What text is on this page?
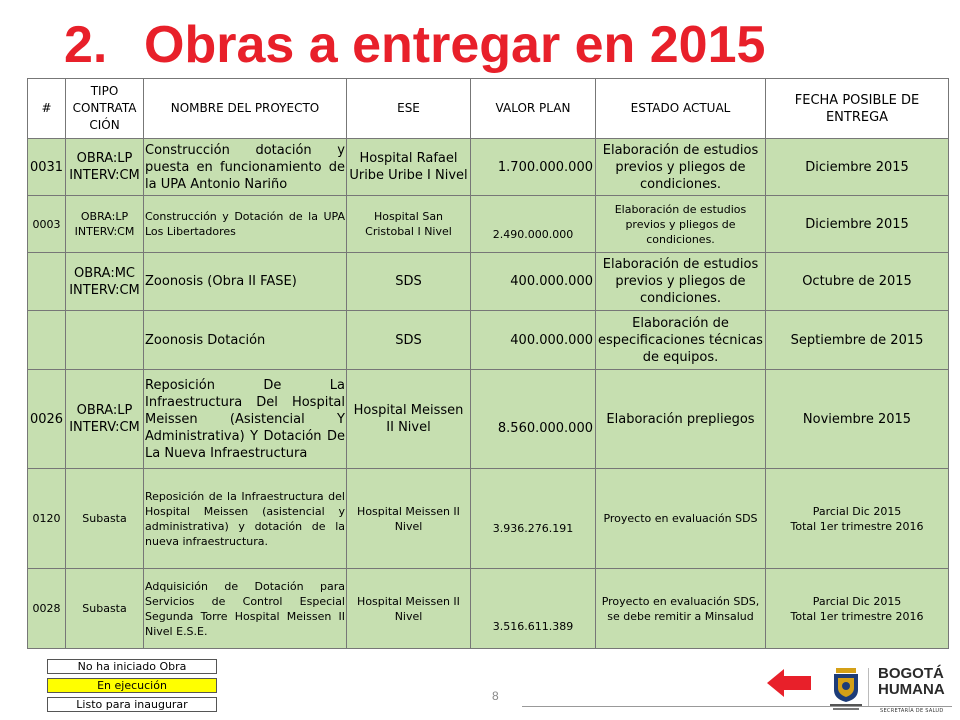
2. Obras a entregar en 2015
#	TIPO CONTRATA CIÓN	NOMBRE DEL PROYECTO	ESE	VALOR PLAN	ESTADO ACTUAL	FECHA POSIBLE DE ENTREGA
0031	OBRA:LP INTERV:CM	Construcción dotación y puesta en funcionamiento de la UPA Antonio Nariño	Hospital Rafael Uribe Uribe I Nivel	1.700.000.000	Elaboración de estudios previos y pliegos de condiciones.	Diciembre 2015
0003	OBRA:LP INTERV:CM	Construcción y Dotación de la UPA Los Libertadores	Hospital San Cristobal I Nivel	2.490.000.000	Elaboración de estudios previos y pliegos de condiciones.	Diciembre 2015
	OBRA:MC INTERV:CM	Zoonosis (Obra II FASE)	SDS	400.000.000	Elaboración de estudios previos y pliegos de condiciones.	Octubre de 2015
		Zoonosis Dotación	SDS	400.000.000	Elaboración de especificaciones técnicas de equipos.	Septiembre de 2015
0026	OBRA:LP INTERV:CM	Reposición De La Infraestructura Del Hospital Meissen (Asistencial Y Administrativa) Y Dotación De La Nueva Infraestructura	Hospital Meissen II Nivel	8.560.000.000	Elaboración prepliegos	Noviembre 2015
0120	Subasta	Reposición de la Infraestructura del Hospital Meissen (asistencial y administrativa) y dotación de la nueva infraestructura.	Hospital Meissen II Nivel	3.936.276.191	Proyecto en evaluación SDS	Parcial Dic 2015
Total 1er trimestre 2016

0028	Subasta	Adquisición de Dotación para Servicios de Control Especial Segunda Torre Hospital Meissen II Nivel E.S.E.	Hospital Meissen II Nivel	3.516.611.389	Proyecto en evaluación SDS, se debe remitir a Minsalud	Parcial Dic 2015
Total 1er trimestre 2016
No ha iniciado Obra
En ejecución
Listo para inaugurar
8
BOGOTÁ
HUMANA
SECRETARÍA DE SALUD
